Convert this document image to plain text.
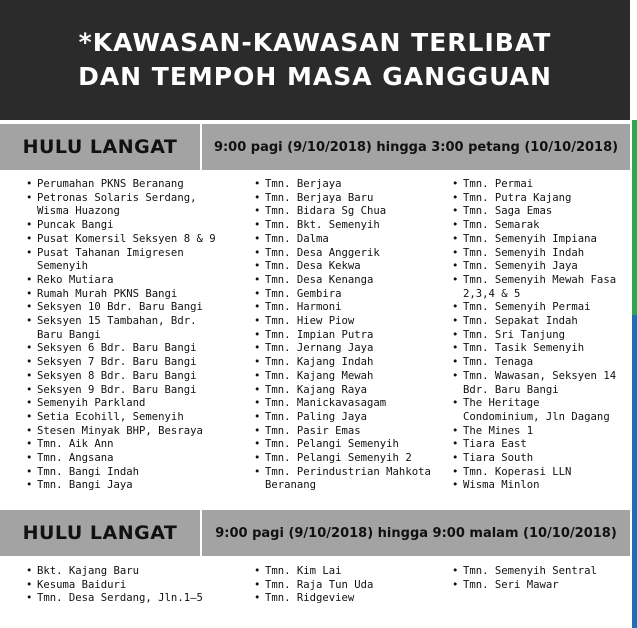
*KAWASAN-KAWASAN TERLIBAT
DAN TEMPOH MASA GANGGUAN
HULU LANGAT	9:00 pagi (9/10/2018) hingga 3:00 petang (10/10/2018)
• Perumahan PKNS Beranang
• Petronas Solaris Serdang, Wisma Huazong
• Puncak Bangi
• Pusat Komersil Seksyen 8 & 9
• Pusat Tahanan Imigresen Semenyih
• Reko Mutiara
• Rumah Murah PKNS Bangi
• Seksyen 10 Bdr. Baru Bangi
• Seksyen 15 Tambahan, Bdr. Baru Bangi
• Seksyen 6 Bdr. Baru Bangi
• Seksyen 7 Bdr. Baru Bangi
• Seksyen 8 Bdr. Baru Bangi
• Seksyen 9 Bdr. Baru Bangi
• Semenyih Parkland
• Setia Ecohill, Semenyih
• Stesen Minyak BHP, Besraya
• Tmn. Aik Ann
• Tmn. Angsana
• Tmn. Bangi Indah
• Tmn. Bangi Jaya
• Tmn. Berjaya
• Tmn. Berjaya Baru
• Tmn. Bidara Sg Chua
• Tmn. Bkt. Semenyih
• Tmn. Dalma
• Tmn. Desa Anggerik
• Tmn. Desa Kekwa
• Tmn. Desa Kenanga
• Tmn. Gembira
• Tmn. Harmoni
• Tmn. Hiew Piow
• Tmn. Impian Putra
• Tmn. Jernang Jaya
• Tmn. Kajang Indah
• Tmn. Kajang Mewah
• Tmn. Kajang Raya
• Tmn. Manickavasagam
• Tmn. Paling Jaya
• Tmn. Pasir Emas
• Tmn. Pelangi Semenyih
• Tmn. Pelangi Semenyih 2
• Tmn. Perindustrian Mahkota Beranang
• Tmn. Permai
• Tmn. Putra Kajang
• Tmn. Saga Emas
• Tmn. Semarak
• Tmn. Semenyih Impiana
• Tmn. Semenyih Indah
• Tmn. Semenyih Jaya
• Tmn. Semenyih Mewah Fasa 2,3,4 & 5
• Tmn. Semenyih Permai
• Tmn. Sepakat Indah
• Tmn. Sri Tanjung
• Tmn. Tasik Semenyih
• Tmn. Tenaga
• Tmn. Wawasan, Seksyen 14 Bdr. Baru Bangi
• The Heritage Condominium, Jln Dagang
• The Mines 1
• Tiara East
• Tiara South
• Tmn. Koperasi LLN
• Wisma Minlon
HULU LANGAT	9:00 pagi (9/10/2018) hingga 9:00 malam (10/10/2018)
• Bkt. Kajang Baru
• Kesuma Baiduri
• Tmn. Desa Serdang, Jln.1–5
• Tmn. Kim Lai
• Tmn. Raja Tun Uda
• Tmn. Ridgeview
• Tmn. Semenyih Sentral
• Tmn. Seri Mawar
